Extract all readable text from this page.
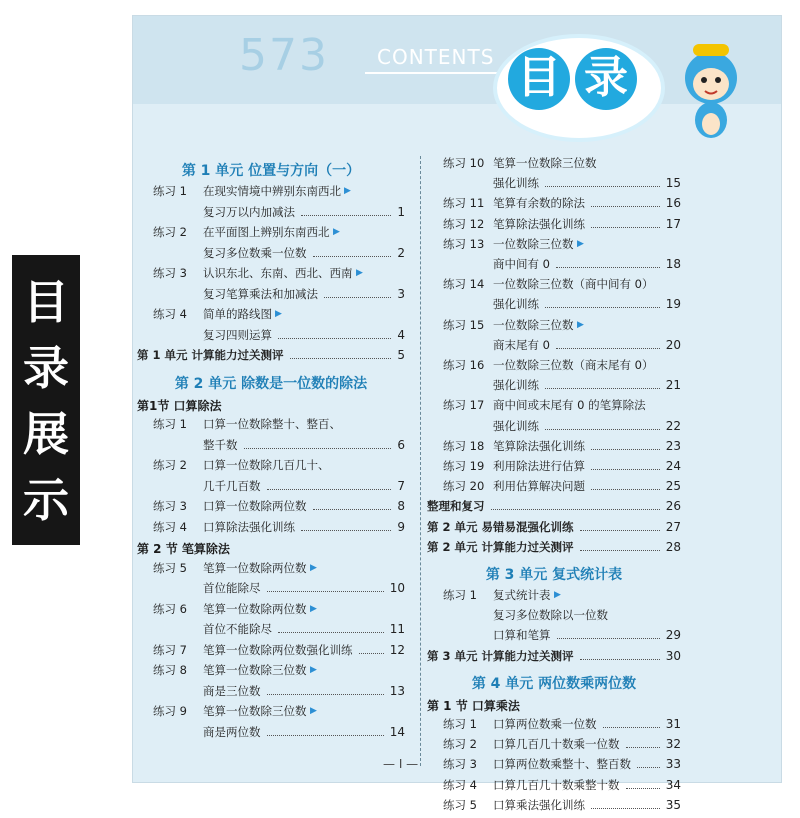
目
录
展
示
573 CONTENTS 目 录
第 1 单元 位置与方向（一）
练习 1 在现实情境中辨别东南西北 ▶
复习万以内加减法	1
练习 2 在平面图上辨别东南西北 ▶
复习多位数乘一位数	2
练习 3 认识东北、东南、西北、西南 ▶
复习笔算乘法和加减法	3
练习 4 简单的路线图 ▶
复习四则运算	4
第 1 单元 计算能力过关测评	5
第 2 单元 除数是一位数的除法
第1节 口算除法
练习 1 口算一位数除整十、整百、
整千数	6
练习 2 口算一位数除几百几十、
几千几百数	7
练习 3 口算一位数除两位数	8
练习 4 口算除法强化训练	9
第 2 节 笔算除法
练习 5 笔算一位数除两位数 ▶
首位能除尽	10
练习 6 笔算一位数除两位数 ▶
首位不能除尽	11
练习 7 笔算一位数除两位数强化训练	12
练习 8 笔算一位数除三位数 ▶
商是三位数	13
练习 9 笔算一位数除三位数 ▶
商是两位数	14
练习 10 笔算一位数除三位数
强化训练	15
练习 11 笔算有余数的除法	16
练习 12 笔算除法强化训练	17
练习 13 一位数除三位数 ▶
商中间有 0	18
练习 14 一位数除三位数（商中间有 0）
强化训练	19
练习 15 一位数除三位数 ▶
商末尾有 0	20
练习 16 一位数除三位数（商末尾有 0）
强化训练	21
练习 17 商中间或末尾有 0 的笔算除法
强化训练	22
练习 18 笔算除法强化训练	23
练习 19 利用除法进行估算	24
练习 20 利用估算解决问题	25
整理和复习	26
第 2 单元 易错易混强化训练	27
第 2 单元 计算能力过关测评	28
第 3 单元 复式统计表
练习 1 复式统计表 ▶
复习多位数除以一位数
口算和笔算	29
第 3 单元 计算能力过关测评	30
第 4 单元 两位数乘两位数
第 1 节 口算乘法
练习 1 口算两位数乘一位数	31
练习 2 口算几百几十数乘一位数	32
练习 3 口算两位数乘整十、整百数	33
练习 4 口算几百几十数乘整十数	34
练习 5 口算乘法强化训练	35
— I —
